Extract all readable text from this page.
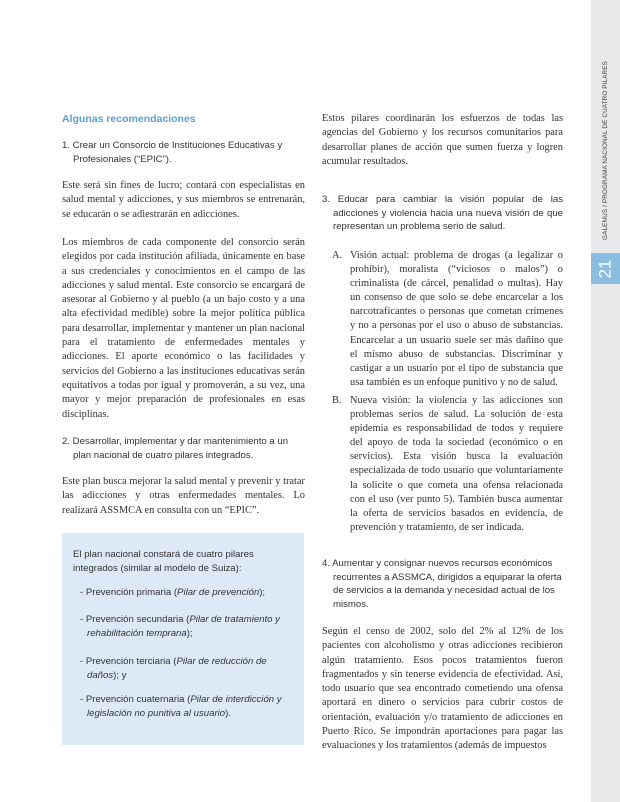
GALENUS / PROGRAMA NACIONAL DE CUATRO PILARES
21
Algunas recomendaciones
1. Crear un Consorcio de Instituciones Educativas y Profesionales (“EPIC”).
Este será sin fines de lucro; contará con especialistas en salud mental y adicciones, y sus miembros se entrenarán, se educarán o se adiestrarán en adicciones.
Los miembros de cada componente del consorcio serán elegidos por cada institución afiliada, únicamente en base a sus credenciales y conocimientos en el campo de las adicciones y salud mental. Este consorcio se encargará de asesorar al Gobierno y al pueblo (a un bajo costo y a una alta efectividad medible) sobre la mejor política pública para desarrollar, implementar y mantener un plan nacional para el tratamiento de enfermedades mentales y adicciones. El aporte económico o las facilidades y servicios del Gobierno a las instituciones educativas serán equitativos a todas por igual y promoverán, a su vez, una mayor y mejor preparación de profesionales en esas disciplinas.
2. Desarrollar, implementar y dar mantenimiento a un plan nacional de cuatro pilares integrados.
Este plan busca mejorar la salud mental y prevenir y tratar las adicciones y otras enfermedades mentales. Lo realizará ASSMCA en consulta con un “EPIC”.
El plan nacional constará de cuatro pilares integrados (similar al modelo de Suiza):
- Prevención primaria (Pilar de prevención);
- Prevención secundaria (Pilar de tratamiento y rehabilitación temprana);
- Prevención terciaria (Pilar de reducción de daños); y
- Prevención cuaternaria (Pilar de interdicción y legislación no punitiva al usuario).
Estos pilares coordinarán los esfuerzos de todas las agencias del Gobierno y los recursos comunitarios para desarrollar planes de acción que sumen fuerza y logren acumular resultados.
3. Educar para cambiar la visión popular de las adicciones y violencia hacia una nueva visión de que representan un problema serio de salud.
A. Visión actual: problema de drogas (a legalizar o prohibir), moralista (“viciosos o malos”) o criminalista (de cárcel, penalidad o multas). Hay un consenso de que solo se debe encarcelar a los narcotraficantes o personas que cometan crímenes y no a personas por el uso o abuso de substancias. Encarcelar a un usuario suele ser más dañino que el mismo abuso de substancias. Discriminar y castigar a un usuario por el tipo de substancia que usa también es un enfoque punitivo y no de salud.
B. Nueva visión: la violencia y las adicciones son problemas serios de salud. La solución de esta epidemia es responsabilidad de todos y requiere del apoyo de toda la sociedad (económico o en servicios). Esta visión busca la evaluación especializada de todo usuario que voluntariamente la solicite o que cometa una ofensa relacionada con el uso (ver punto 5). También busca aumentar la oferta de servicios basados en evidencia, de prevención y tratamiento, de ser indicada.
4. Aumentar y consignar nuevos recursos económicos recurrentes a ASSMCA, dirigidos a equiparar la oferta de servicios a la demanda y necesidad actual de los mismos.
Según el censo de 2002, solo del 2% al 12% de los pacientes con alcoholismo y otras adicciones recibieron algún tratamiento. Esos pocos tratamientos fueron fragmentados y sin tenerse evidencia de efectividad. Así, todo usuario que sea encontrado cometiendo una ofensa aportará en dinero o servicios para cubrir costos de orientación, evaluación y/o tratamiento de adicciones en Puerto Rico. Se impondrán aportaciones para pagar las evaluaciones y los tratamientos (además de impuestos
